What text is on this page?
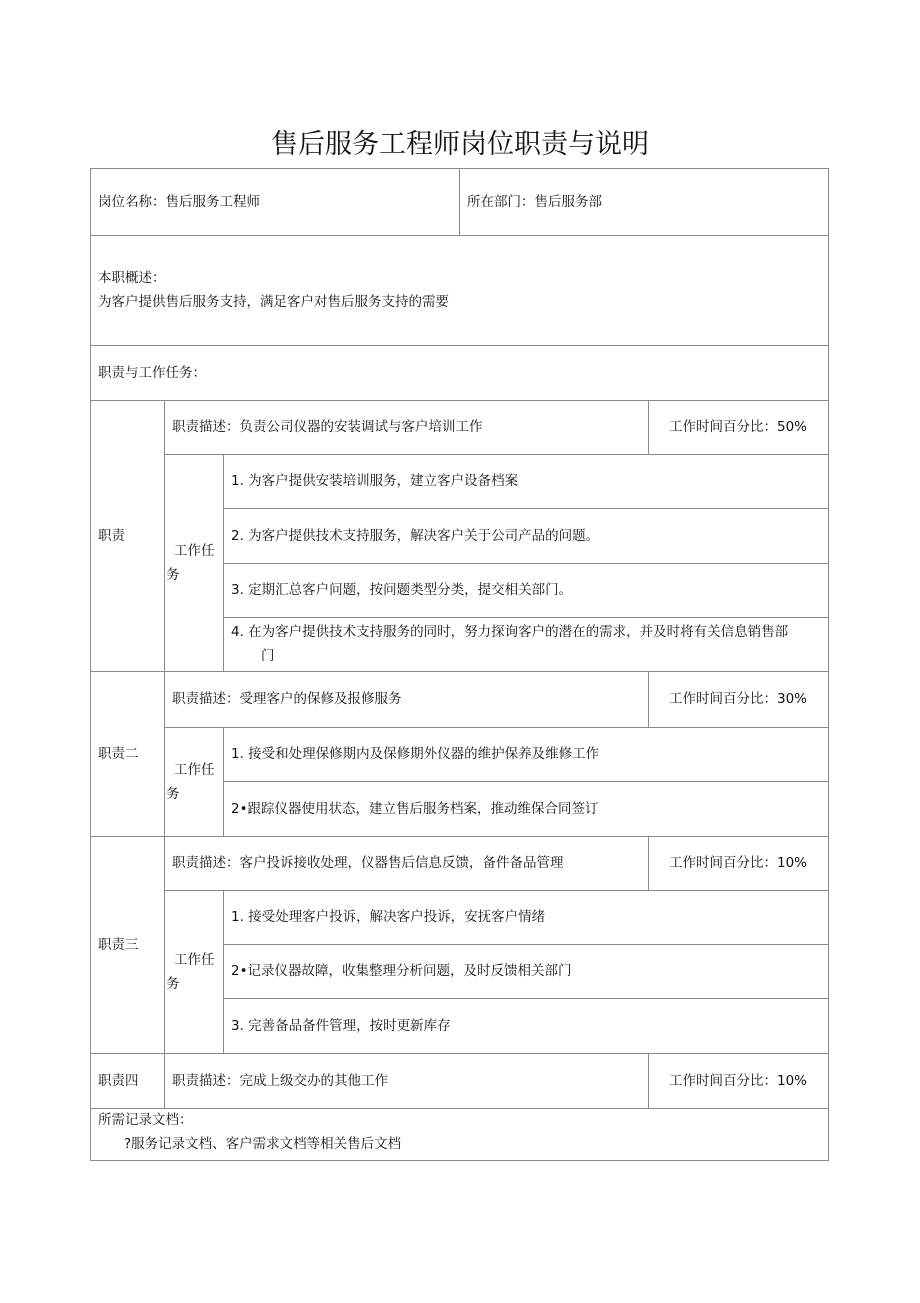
售后服务工程师岗位职责与说明
岗位名称：售后服务工程师	所在部门：售后服务部
本职概述：
为客户提供售后服务支持，满足客户对售后服务支持的需要
职责与工作任务：
职责
职责描述：负责公司仪器的安装调试与客户培训工作	工作时间百分比：50%
工作任
务
1. 为客户提供安装培训服务，建立客户设备档案
2. 为客户提供技术支持服务，解决客户关于公司产品的问题。
3. 定期汇总客户问题，按问题类型分类，提交相关部门。
4. 在为客户提供技术支持服务的同时，努力探询客户的潜在的需求，并及时将有关信息销售部
门
职责二
职责描述：受理客户的保修及报修服务	工作时间百分比：30%
工作任
务
1. 接受和处理保修期内及保修期外仪器的维护保养及维修工作
2•跟踪仪器使用状态，建立售后服务档案，推动维保合同签订
职责三
职责描述：客户投诉接收处理，仪器售后信息反馈，备件备品管理	工作时间百分比：10%
工作任
务
1. 接受处理客户投诉，解决客户投诉，安抚客户情绪
2•记录仪器故障，收集整理分析问题，及时反馈相关部门
3. 完善备品备件管理，按时更新库存
职责四	职责描述：完成上级交办的其他工作	工作时间百分比：10%
所需记录文档：
?服务记录文档、客户需求文档等相关售后文档
